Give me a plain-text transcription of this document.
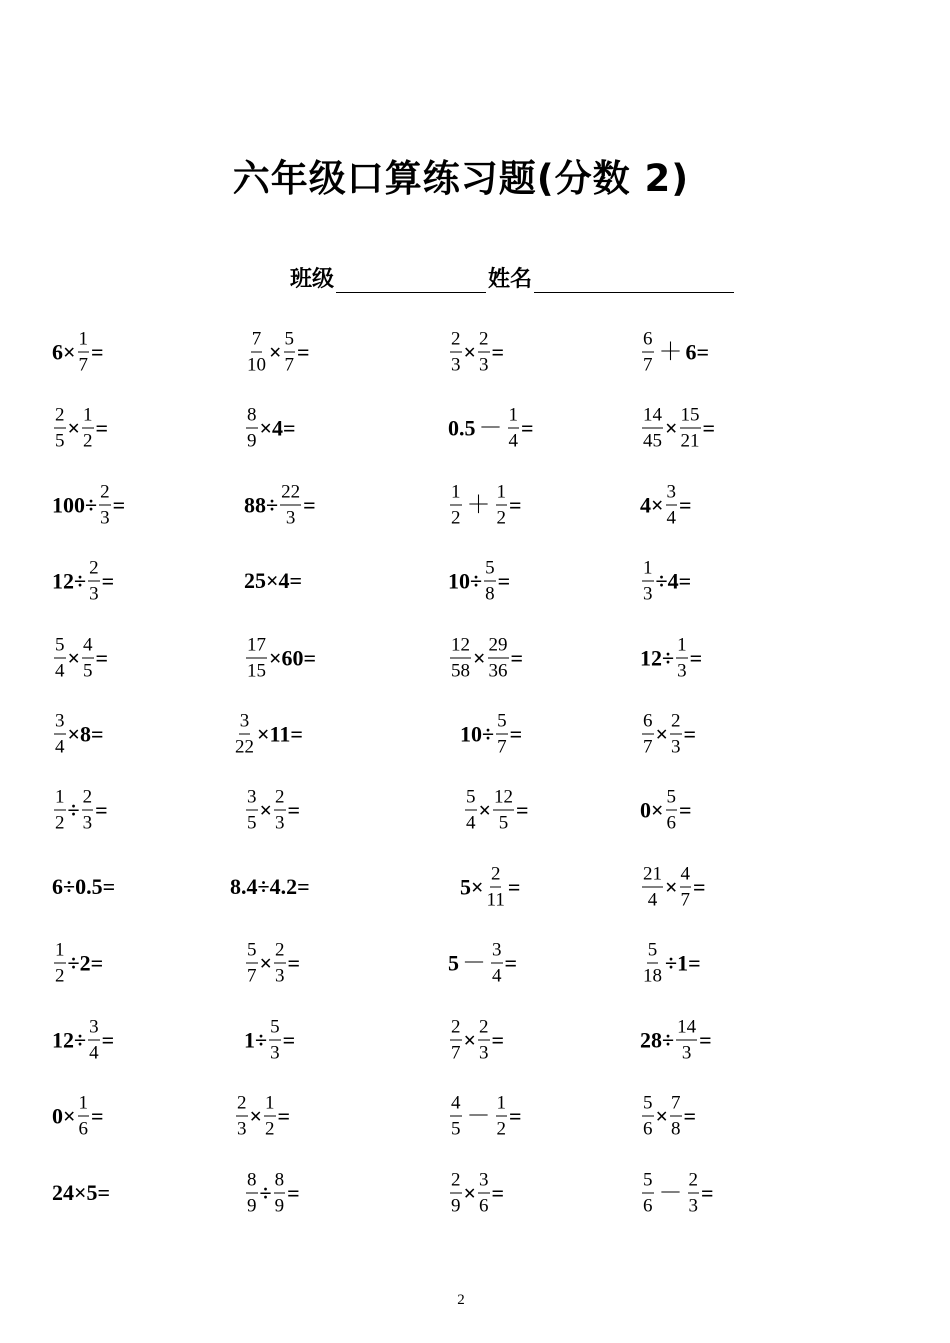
六年级口算练习题(分数 2)
班级	姓名
$6\times \frac{1}{7}$ =	$\frac{7}{10} \times \frac{5}{7}$ =	$\frac{2}{3} \times \frac{2}{3}$ =	$\frac{6}{7} + 6=$
$\frac{2}{5} \times \frac{1}{2}$ =	$\frac{8}{9} \times 4=$	$0.5 - \frac{1}{4}$ =	$\frac{14}{45} \times \frac{15}{21}$ =
$100\div \frac{2}{3}$ =	$88\div \frac{22}{3}$ =	$\frac{1}{2} + \frac{1}{2}$ =	$4\times \frac{3}{4}$ =
$12\div \frac{2}{3}$ =	25×4=	$10\div \frac{5}{8}$ =	$\frac{1}{3} \div 4=$
$\frac{5}{4} \times \frac{4}{5}$ =	$\frac{17}{15} \times 60=$	$\frac{12}{58} \times \frac{29}{36}$ =	$12\div \frac{1}{3}$ =
$\frac{3}{4} \times 8=$	$\frac{3}{22} \times 11=$	$10\div \frac{5}{7}$ =	$\frac{6}{7} \times \frac{2}{3}$ =
$\frac{1}{2} \div \frac{2}{3}$ =	$\frac{3}{5} \times \frac{2}{3}$ =	$\frac{5}{4} \times \frac{12}{5}$ =	$0\times \frac{5}{6}$ =
6÷0.5=	8.4÷4.2=	$5\times \frac{2}{11}$ =	$\frac{21}{4} \times \frac{4}{7}$ =
$\frac{1}{2} \div 2=$	$\frac{5}{7} \times \frac{2}{3}$ =	$5 - \frac{3}{4}$ =	$\frac{5}{18} \div 1=$
$12\div \frac{3}{4}$ =	$1\div \frac{5}{3}$ =	$\frac{2}{7} \times \frac{2}{3}$ =	$28\div \frac{14}{3}$ =
$0\times \frac{1}{6}$ =	$\frac{2}{3} \times \frac{1}{2}$ =	$\frac{4}{5} - \frac{1}{2}$ =	$\frac{5}{6} \times \frac{7}{8}$ =
24×5=	$\frac{8}{9} \div \frac{8}{9}$ =	$\frac{2}{9} \times \frac{3}{6}$ =	$\frac{5}{6} - \frac{2}{3}$ =
2
